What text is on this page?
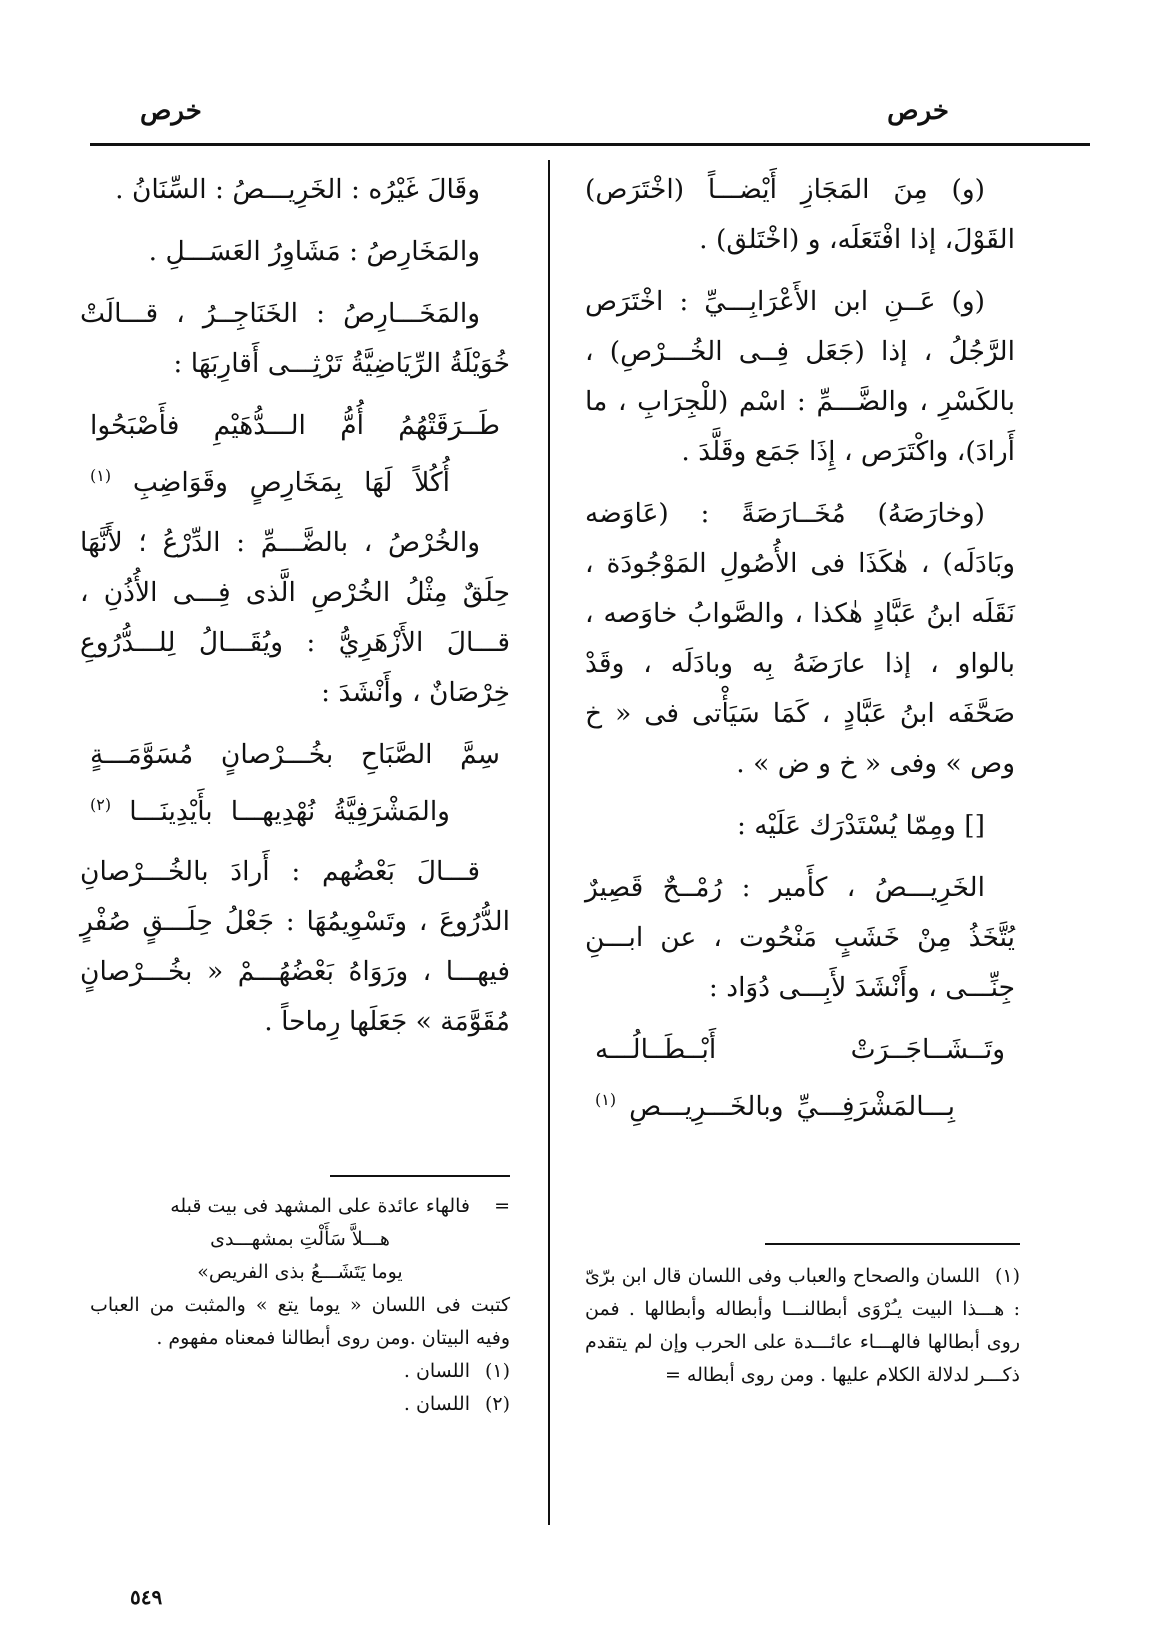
خرص
خرص

(و) مِنَ المَجَازِ أَيْضـــاً (اخْتَرَص) القَوْلَ، إذا افْتَعَلَه، و (اخْتَلق) .

(و) عَــنِ ابن الأَعْرَابِـــيِّ : اخْتَرَص الرَّجُلُ ، إذا (جَعَل فِــى الخُـــرْصِ) ، بالكَسْرِ ، والضَّـــمِّ : اسْم (للْجِرَابِ ، ما أَرادَ)، واكْتَرَص ، إِذَا جَمَع وقَلَّدَ .

(وخارَصَهُ) مُخَــارَصَةً : (عَاوَضه وبَادَلَه) ، هٰكَذَا فى الأُصُولِ المَوْجُودَة ، نَقَلَه ابنُ عَبَّادٍ هٰكذا ، والصَّوابُ خاوَصه ، بالواو ، إذا عارَضَهُ بِه وبادَلَه ، وقَدْ صَحَّفَه ابنُ عَبَّادٍ ، كَمَا سَيَأْتى فى « خ وص » وفى « خ و ض » .

[] ومِمّا يُسْتَدْرَك عَلَيْه :

الخَرِيـــصُ ، كأَمير : رُمْــحٌ قَصِيرٌ يُتَّخَذُ مِنْ خَشَبٍ مَنْحُوت ، عن ابـــنِ جِنِّـــى ، وأَنْشَدَ لأَبِـــى دُوَاد :

وتَــشَــاجَــرَتْ أَبْــطَــالُـــه
بِـــالمَشْرَفِـــيِّ وبالخَـــرِيـــصِ $^{(١)}$

(١)اللسان والصحاح والعباب وفى اللسان قال ابن برّىّ : هـــذا البيت يـُرْوَى أبطالنـــا وأبطاله وأبطالها . فمن روى أبطالها فالهـــاء عائـــدة على الحرب وإن لم يتقدم ذكـــر لدلالة الكلام عليها . ومن روى أبطاله =

وقَالَ غَيْرُه : الخَرِيـــصُ : السِّنَانُ .

والمَخَارِصُ : مَشَاوِرُ العَسَـــلِ .

والمَخَـــارِصُ : الخَنَاجِــرُ ، قـــالَتْ خُوَيْلَةُ الرِّيَاضِيَّةُ تَرْثِـــى أَقارِبَهَا :

طَــرَقَتْهُمُ أُمُّ الـــدُّهَيْمِ فأَصْبَحُوا
أُكُلاً لَهَا بِمَخَارِصٍ وقَوَاضِبِ $^{(١)}$

والخُرْصُ ، بالضَّـــمِّ : الدِّرْعُ ؛ لأَنَّهَا حِلَقٌ مِثْلُ الخُرْصِ الَّذى فِـــى الأُذُنِ ، قـــالَ الأَزْهَرِيُّ : ويُقَـــالُ لِلـــدُّرُوعِ خِرْصَانٌ ، وأَنْشَدَ :

سِمَّ الصَّبَاحِ بخُـــرْصانٍ مُسَوَّمَـــةٍ
والمَشْرَفِيَّةُ نُهْدِيهـــا بأَيْدِينَـــا $^{(٢)}$

قـــالَ بَعْضُهم : أَرادَ بالخُـــرْصانِ الدُّرُوعَ ، وتَسْوِيمُهَا : جَعْلُ حِلَـــقٍ صُفْرٍ فيهـــا ، ورَوَاهُ بَعْضُهُـــمْ « بخُـــرْصانٍ مُقَوَّمَة » جَعَلَها رِماحاً .

=فالهاء عائدة على المشهد فى بيت قبله

هـــلاَّ سَأَلْتِ بمشهـــدى
يوما يَتَشَـــعُ بذى الفريص»

كتبت فى اللسان « يوما يتع » والمثبت من العباب وفيه البيتان .ومن روى أبطالنا فمعناه مفهوم .

(١)اللسان .

(٢)اللسان .

٥٤٩
